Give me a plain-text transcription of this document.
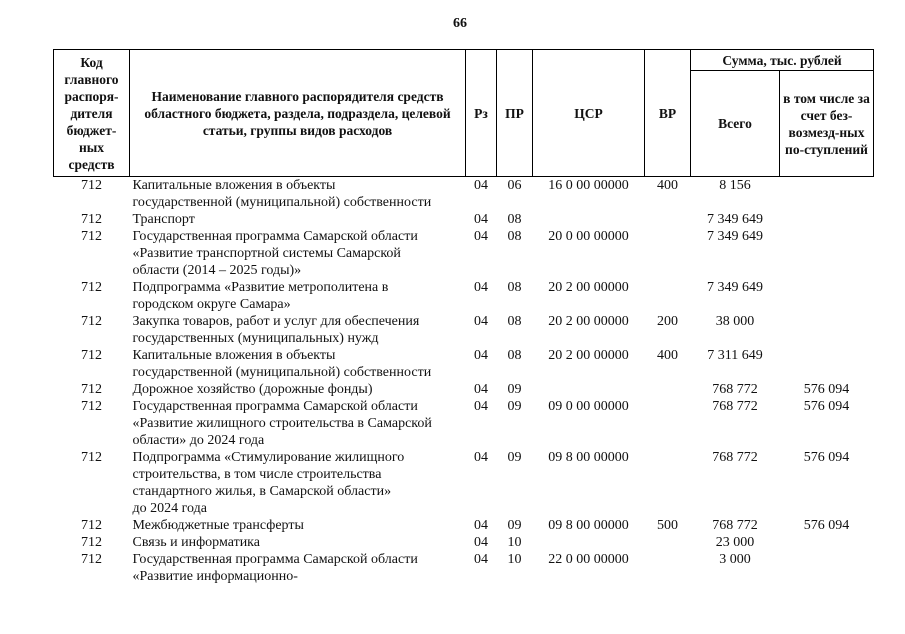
66
Код главного распоря-дителя бюджет-ных средств	Наименование главного распорядителя средств областного бюджета, раздела, подраздела, целевой статьи, группы видов расходов	Рз	ПР	ЦСР	ВР	Сумма, тыс. рублей	
						Всего	в том числе за счет без-возмезд-ных по-ступлений
712	Капитальные вложения в объекты
государственной (муниципальной) собственности	04	06	16 0 00 00000	400	8 156	
712	Транспорт	04	08			7 349 649	
712	Государственная программа Самарской области
«Развитие транспортной системы Самарской
области (2014 – 2025 годы)»	04	08	20 0 00 00000		7 349 649	
712	Подпрограмма «Развитие метрополитена в
городском округе Самара»	04	08	20 2 00 00000		7 349 649	
712	Закупка товаров, работ и услуг для обеспечения
государственных (муниципальных) нужд	04	08	20 2 00 00000	200	38 000	
712	Капитальные вложения в объекты
государственной (муниципальной) собственности	04	08	20 2 00 00000	400	7 311 649	
712	Дорожное хозяйство (дорожные фонды)	04	09			768 772	576 094
712	Государственная программа Самарской области
«Развитие жилищного строительства в Самарской
области» до 2024 года	04	09	09 0 00 00000		768 772	576 094
712	Подпрограмма «Стимулирование жилищного
строительства, в том числе строительства
стандартного жилья, в Самарской области»
до 2024 года	04	09	09 8 00 00000		768 772	576 094
712	Межбюджетные трансферты	04	09	09 8 00 00000	500	768 772	576 094
712	Связь и информатика	04	10			23 000	
712	Государственная программа Самарской области
«Развитие информационно-	04	10	22 0 00 00000		3 000	
